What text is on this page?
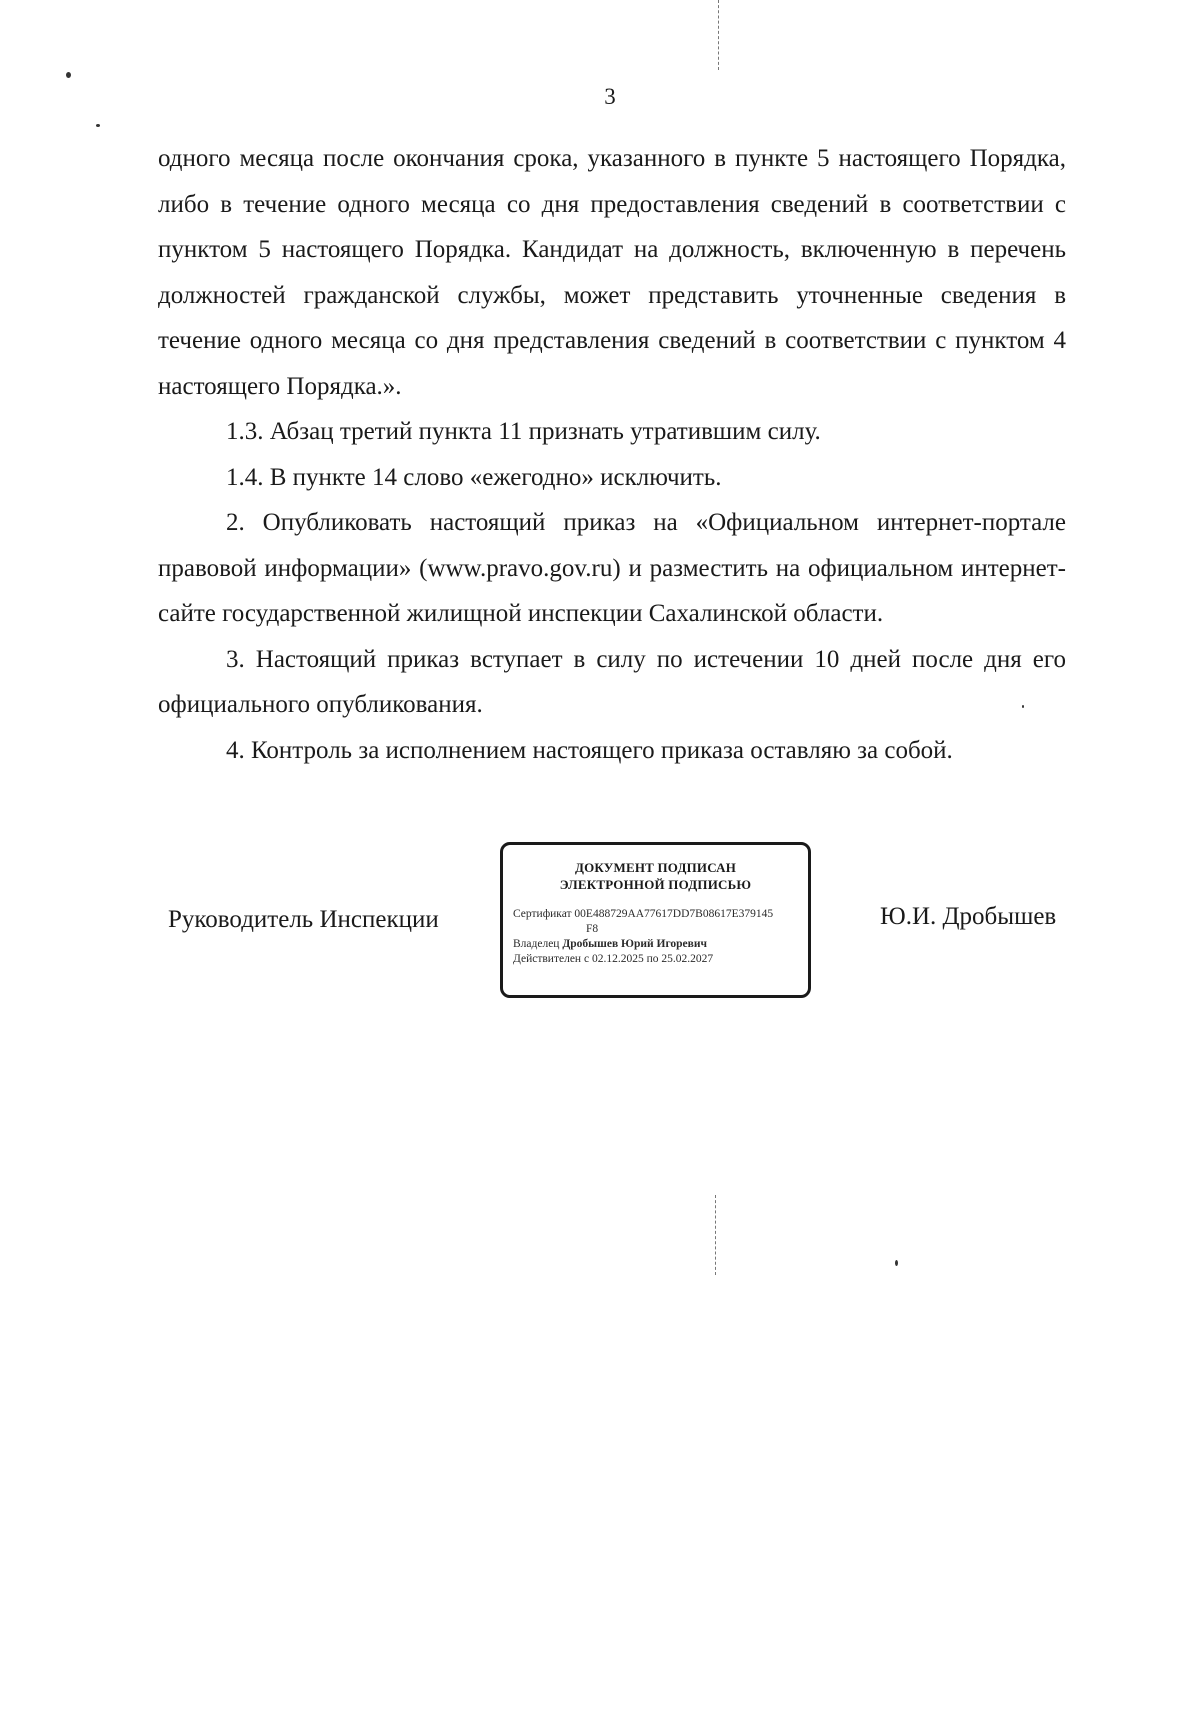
3

одного месяца после окончания срока, указанного в пункте 5 настоящего Порядка, либо в течение одного месяца со дня предоставления сведений в соответствии с пунктом 5 настоящего Порядка. Кандидат на должность, включенную в перечень должностей гражданской службы, может представить уточненные сведения в течение одного месяца со дня представления сведений в соответствии с пунктом 4 настоящего Порядка.».

1.3. Абзац третий пункта 11 признать утратившим силу.

1.4. В пункте 14 слово «ежегодно» исключить.

2. Опубликовать настоящий приказ на «Официальном интернет-портале правовой информации» (www.pravo.gov.ru) и разместить на официальном интернет-сайте государственной жилищной инспекции Сахалинской области.

3. Настоящий приказ вступает в силу по истечении 10 дней после дня его официального опубликования.

4. Контроль за исполнением настоящего приказа оставляю за собой.

Руководитель Инспекции
ДОКУМЕНТ ПОДПИСАН
ЭЛЕКТРОННОЙ ПОДПИСЬЮ
Сертификат 00E488729AA77617DD7B08617E379145
F8
Владелец Дробышев Юрий Игоревич
Действителен с 02.12.2025 по 25.02.2027
Ю.И. Дробышев
